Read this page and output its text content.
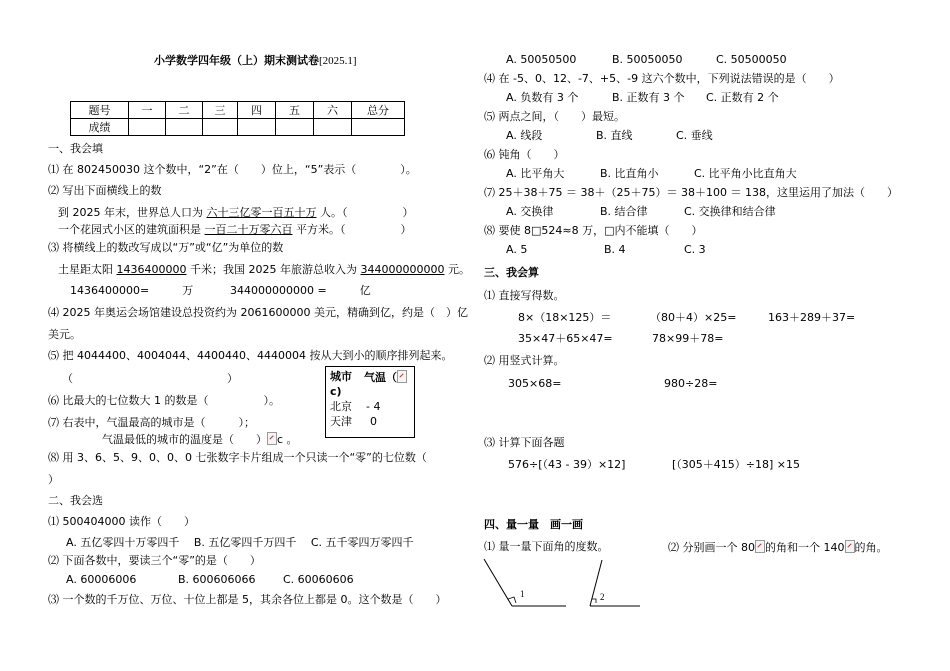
小学数学四年级（上）期末测试卷[2025.1]
题号	一	二	三	四	五	六	总分
成绩							
一、我会填
⑴ 在 802450030 这个数中，“2”在（　　）位上，“5”表示（　　　　）。
⑵ 写出下面横线上的数
到 2025 年末，世界总人口为 六十三亿零一百五十万 人。（　　　　　）
一个花园式小区的建筑面积是 一百二十万零六百 平方米。（　　　　　）
⑶ 将横线上的数改写成以“万”或“亿”为单位的数
土星距太阳 1436400000 千米；我国 2025 年旅游总收入为 344000000000 元。
1436400000=　　　万	344000000000 =　　　亿
⑷ 2025 年奥运会场馆建设总投资约为 2061600000 美元，精确到亿，约是（　）亿
美元。
⑸ 把 4044400、4004044、4400440、4440004 按从大到小的顺序排列起来。
（　　　　　　　　　　　　　　）
⑹ 比最大的七位数大 1 的数是（　　　　　）。
⑺ 右表中，气温最高的城市是（　　　）；
气温最低的城市的温度是（　　） c 。
⑻ 用 3、6、5、9、0、0、0 七张数字卡片组成一个只读一个“零”的七位数（
）
城市 气温（
c)
北京 - 4
天津 0
二、我会选
⑴ 500404000 读作（　　）
A. 五亿零四十万零四千　 B. 五亿零四千万四千　 C. 五千零四万零四千
⑵ 下面各数中，要读三个“零”的是（　　）
A. 60006006	B. 600606066 C. 60060606
⑶ 一个数的千万位、万位、十位上都是 5，其余各位上都是 0。这个数是（　　）
A. 50050500	B. 50050050	C. 50500050
⑷ 在 -5、0、12、-7、+5、-9 这六个数中，下列说法错误的是（　　）
A. 负数有 3 个	B. 正数有 3 个 C. 正数有 2 个
⑸ 两点之间，（　　）最短。
A. 线段	B. 直线	C. 垂线
⑹ 钝角（　　）
A. 比平角大	B. 比直角小	C. 比平角小比直角大
⑺ 25＋38＋75 ＝ 38＋（25＋75）＝ 38＋100 ＝ 138，这里运用了加法（　　）
A. 交换律	B. 结合律	C. 交换律和结合律
⑻ 要使 8□524≈8 万，□内不能填（　　）
A. 5	B. 4	C. 3
三、我会算
⑴ 直接写得数。
8×（18×125）＝	（80＋4）×25=	163＋289＋37=
35×47＋65×47=	78×99＋78=
⑵ 用竖式计算。
305×68=	980÷28=
⑶ 计算下面各题
576÷[（43 - 39）×12]	[（305＋415）÷18] ×15
四、量一量　画一画
⑴ 量一量下面角的度数。	⑵ 分别画一个 80 的角和一个 140 的角。
1	2
